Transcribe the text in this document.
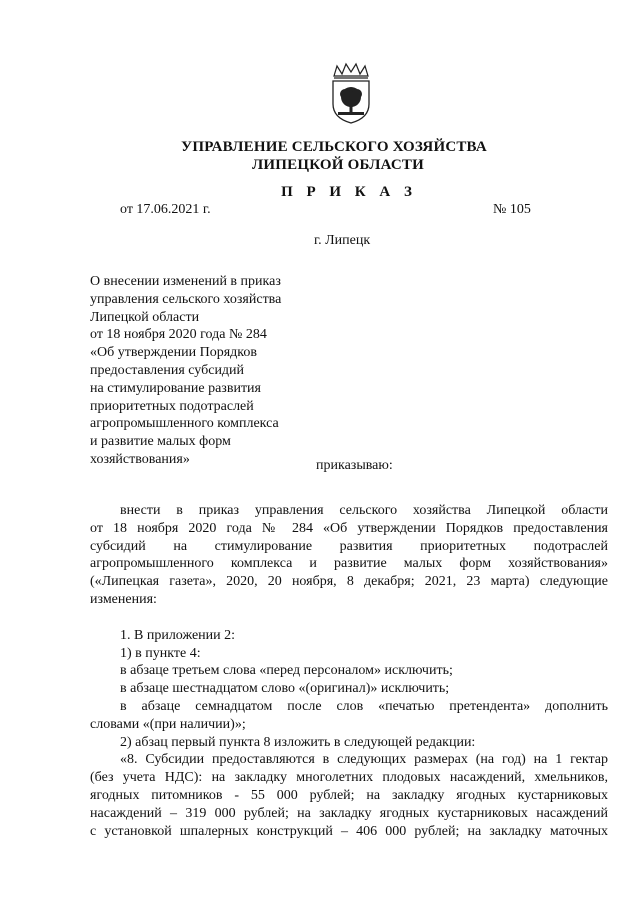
УПРАВЛЕНИЕ СЕЛЬСКОГО ХОЗЯЙСТВА
ЛИПЕЦКОЙ ОБЛАСТИ
П Р И К А З
от 17.06.2021 г.	№ 105
г. Липецк
О внесении изменений в приказ
управления сельского хозяйства
Липецкой области
от 18 ноября 2020 года № 284
«Об утверждении Порядков
предоставления субсидий
на стимулирование развития
приоритетных подотраслей
агропромышленного комплекса
и развитие малых форм
хозяйствования»	приказываю:
внести в приказ управления сельского хозяйства Липецкой области
от 18 ноября 2020 года № 284 «Об утверждении Порядков предоставления
субсидий на стимулирование развития приоритетных подотраслей
агропромышленного комплекса и развитие малых форм хозяйствования»
(«Липецкая газета», 2020, 20 ноября, 8 декабря; 2021, 23 марта) следующие
изменения:
1. В приложении 2:
1) в пункте 4:
в абзаце третьем слова «перед персоналом» исключить;
в абзаце шестнадцатом слово «(оригинал)» исключить;
в абзаце семнадцатом после слов «печатью претендента» дополнить
словами «(при наличии)»;
2) абзац первый пункта 8 изложить в следующей редакции:
«8. Субсидии предоставляются в следующих размерах (на год) на 1 гектар
(без учета НДС): на закладку многолетних плодовых насаждений, хмельников,
ягодных питомников - 55 000 рублей; на закладку ягодных кустарниковых
насаждений – 319 000 рублей; на закладку ягодных кустарниковых насаждений
с установкой шпалерных конструкций – 406 000 рублей; на закладку маточных
